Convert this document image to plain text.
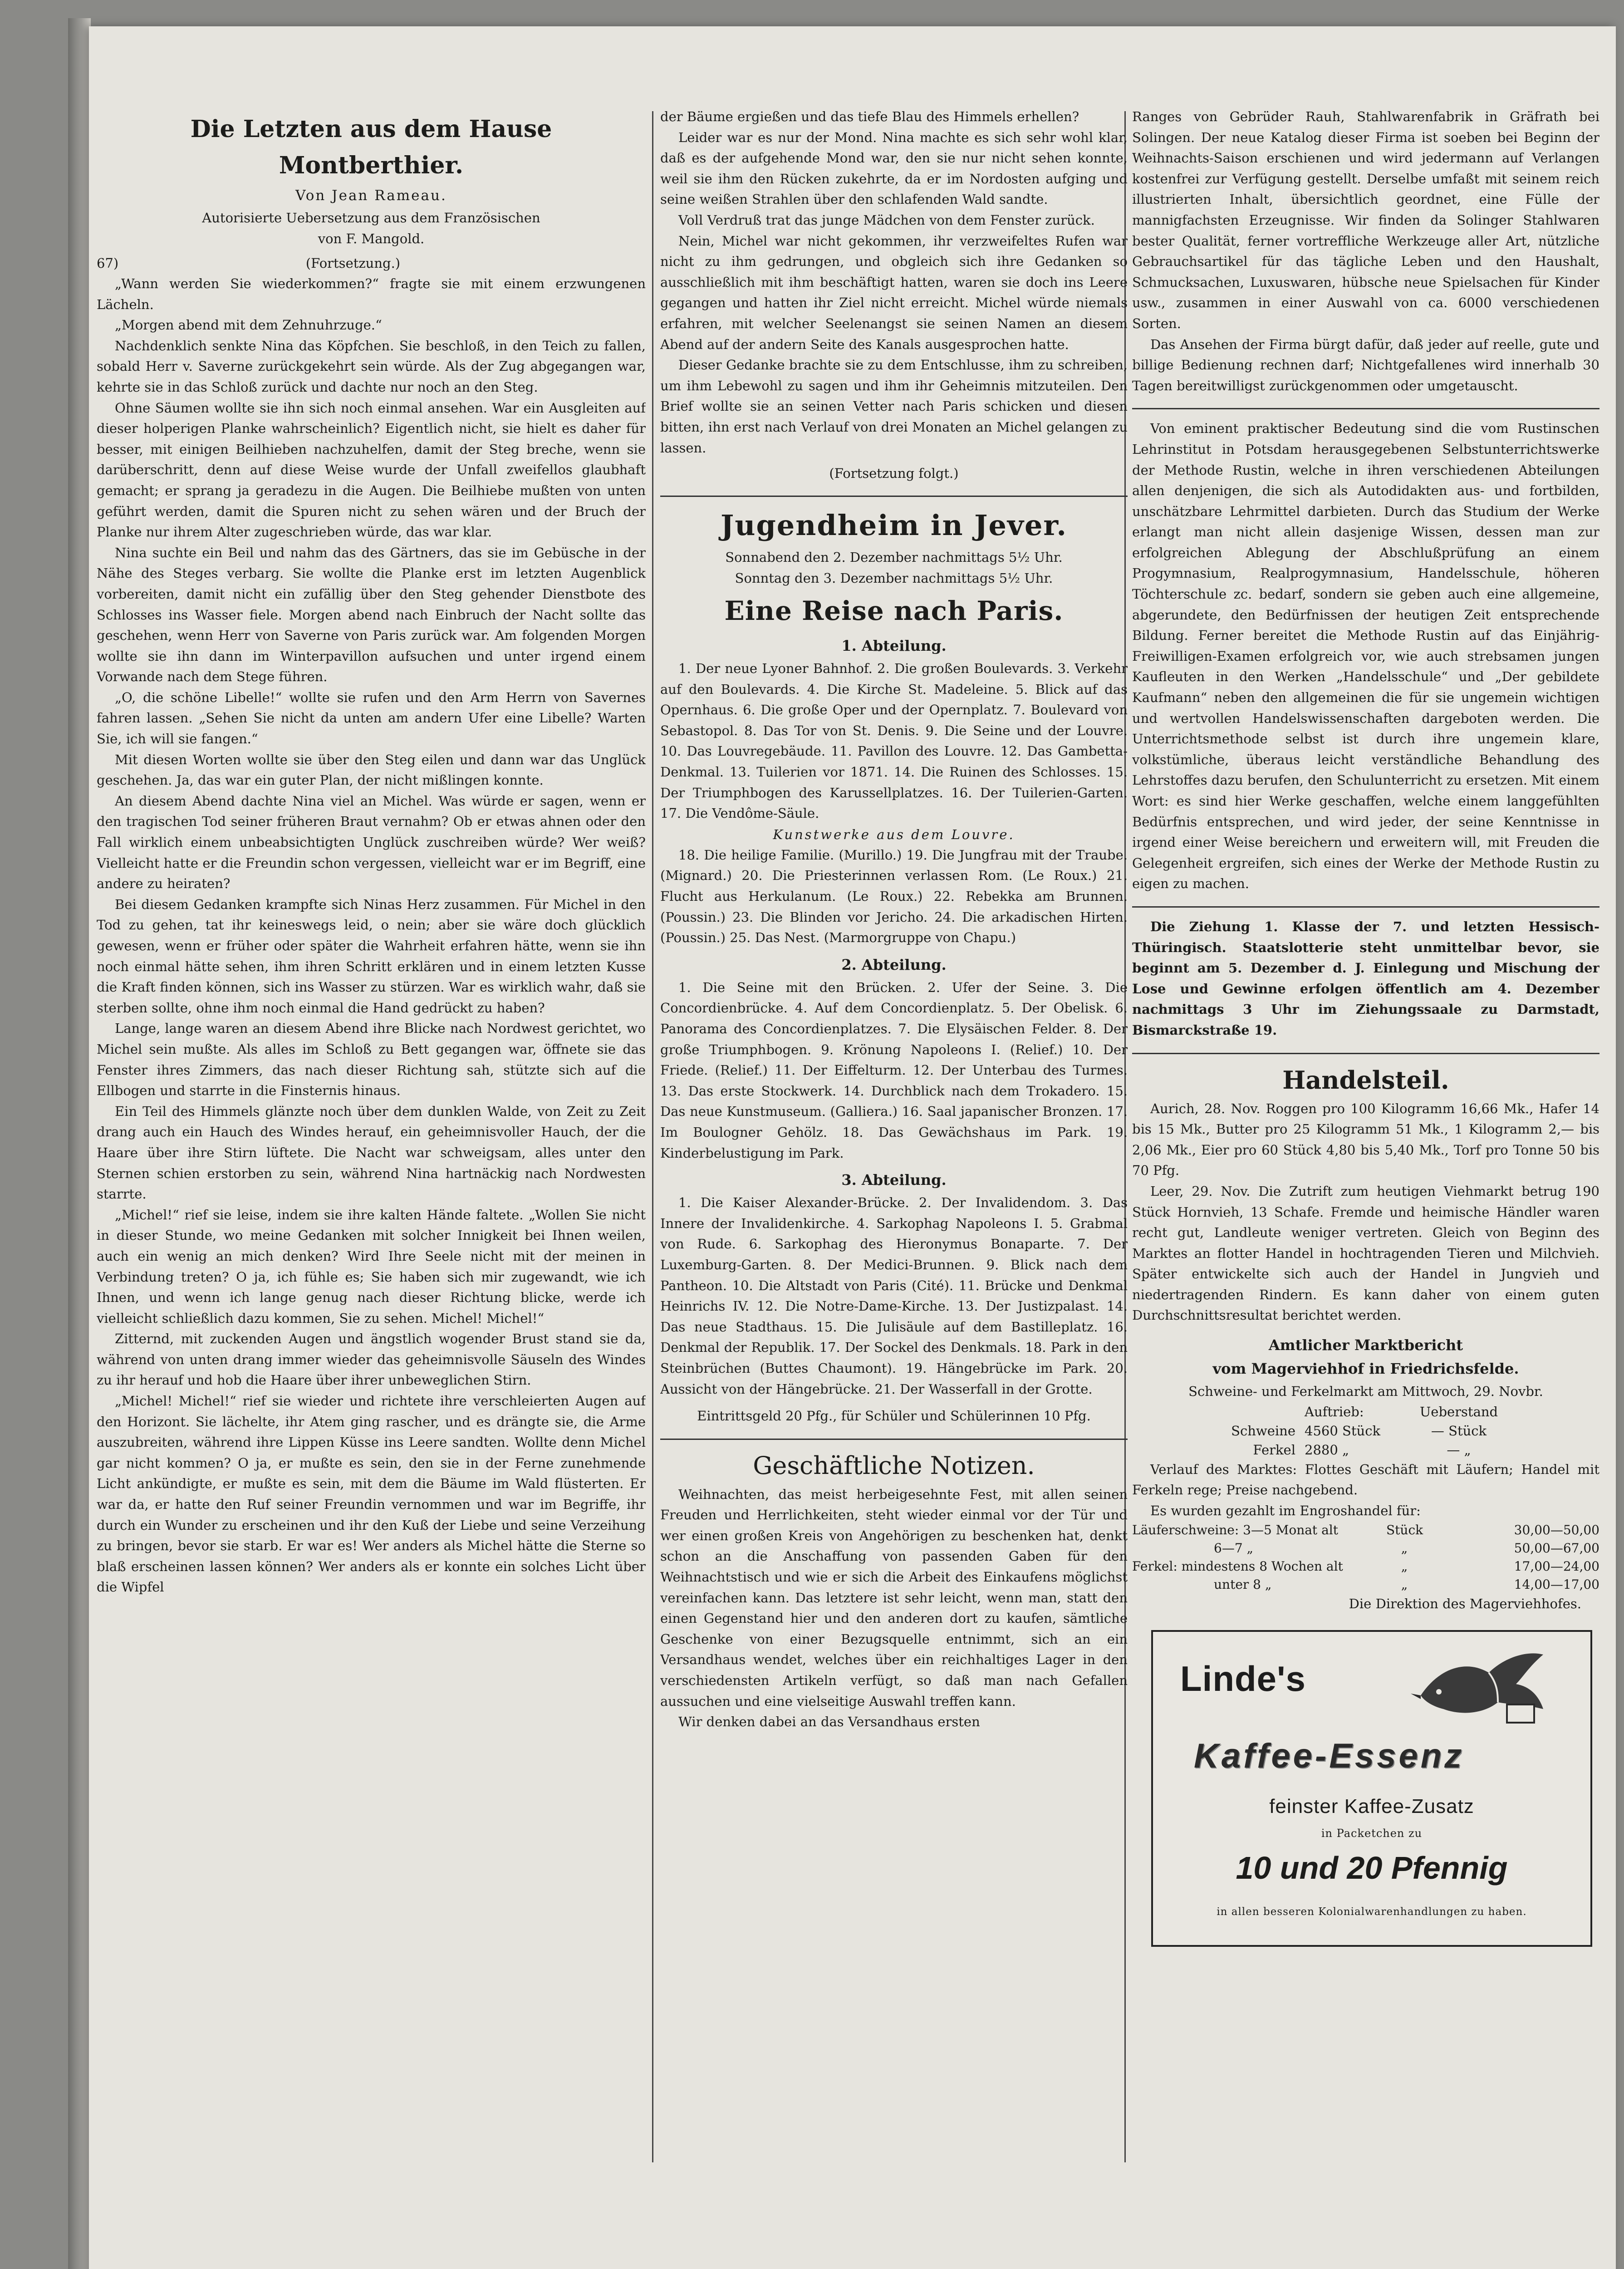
Die Letzten aus dem Hause Montberthier.
Von Jean Rameau.
Autorisierte Uebersetzung aus dem Französischen
von F. Mangold.
67)	(Fortsetzung.)

„Wann werden Sie wiederkommen?“ fragte sie mit einem erzwungenen Lächeln.

„Morgen abend mit dem Zehnuhrzuge.“

Nachdenklich senkte Nina das Köpfchen. Sie beschloß, in den Teich zu fallen, sobald Herr v. Saverne zurückgekehrt sein würde. Als der Zug abgegangen war, kehrte sie in das Schloß zurück und dachte nur noch an den Steg.

Ohne Säumen wollte sie ihn sich noch einmal ansehen. War ein Ausgleiten auf dieser holperigen Planke wahrscheinlich? Eigentlich nicht, sie hielt es daher für besser, mit einigen Beilhieben nachzuhelfen, damit der Steg breche, wenn sie darüberschritt, denn auf diese Weise wurde der Unfall zweifellos glaubhaft gemacht; er sprang ja geradezu in die Augen. Die Beilhiebe mußten von unten geführt werden, damit die Spuren nicht zu sehen wären und der Bruch der Planke nur ihrem Alter zugeschrieben würde, das war klar.

Nina suchte ein Beil und nahm das des Gärtners, das sie im Gebüsche in der Nähe des Steges verbarg. Sie wollte die Planke erst im letzten Augenblick vorbereiten, damit nicht ein zufällig über den Steg gehender Dienstbote des Schlosses ins Wasser fiele. Morgen abend nach Einbruch der Nacht sollte das geschehen, wenn Herr von Saverne von Paris zurück war. Am folgenden Morgen wollte sie ihn dann im Winterpavillon aufsuchen und unter irgend einem Vorwande nach dem Stege führen.

„O, die schöne Libelle!“ wollte sie rufen und den Arm Herrn von Savernes fahren lassen. „Sehen Sie nicht da unten am andern Ufer eine Libelle? Warten Sie, ich will sie fangen.“

Mit diesen Worten wollte sie über den Steg eilen und dann war das Unglück geschehen. Ja, das war ein guter Plan, der nicht mißlingen konnte.

An diesem Abend dachte Nina viel an Michel. Was würde er sagen, wenn er den tragischen Tod seiner früheren Braut vernahm? Ob er etwas ahnen oder den Fall wirklich einem unbeabsichtigten Unglück zuschreiben würde? Wer weiß? Vielleicht hatte er die Freundin schon vergessen, vielleicht war er im Begriff, eine andere zu heiraten?

Bei diesem Gedanken krampfte sich Ninas Herz zusammen. Für Michel in den Tod zu gehen, tat ihr keineswegs leid, o nein; aber sie wäre doch glücklich gewesen, wenn er früher oder später die Wahrheit erfahren hätte, wenn sie ihn noch einmal hätte sehen, ihm ihren Schritt erklären und in einem letzten Kusse die Kraft finden können, sich ins Wasser zu stürzen. War es wirklich wahr, daß sie sterben sollte, ohne ihm noch einmal die Hand gedrückt zu haben?

Lange, lange waren an diesem Abend ihre Blicke nach Nordwest gerichtet, wo Michel sein mußte. Als alles im Schloß zu Bett gegangen war, öffnete sie das Fenster ihres Zimmers, das nach dieser Richtung sah, stützte sich auf die Ellbogen und starrte in die Finsternis hinaus.

Ein Teil des Himmels glänzte noch über dem dunklen Walde, von Zeit zu Zeit drang auch ein Hauch des Windes herauf, ein geheimnisvoller Hauch, der die Haare über ihre Stirn lüftete. Die Nacht war schweigsam, alles unter den Sternen schien erstorben zu sein, während Nina hartnäckig nach Nordwesten starrte.

„Michel!“ rief sie leise, indem sie ihre kalten Hände faltete. „Wollen Sie nicht in dieser Stunde, wo meine Gedanken mit solcher Innigkeit bei Ihnen weilen, auch ein wenig an mich denken? Wird Ihre Seele nicht mit der meinen in Verbindung treten? O ja, ich fühle es; Sie haben sich mir zugewandt, wie ich Ihnen, und wenn ich lange genug nach dieser Richtung blicke, werde ich vielleicht schließlich dazu kommen, Sie zu sehen. Michel! Michel!“

Zitternd, mit zuckenden Augen und ängstlich wogender Brust stand sie da, während von unten drang immer wieder das geheimnisvolle Säuseln des Windes zu ihr herauf und hob die Haare über ihrer unbeweglichen Stirn.

„Michel! Michel!“ rief sie wieder und richtete ihre verschleierten Augen auf den Horizont. Sie lächelte, ihr Atem ging rascher, und es drängte sie, die Arme auszubreiten, während ihre Lippen Küsse ins Leere sandten. Wollte denn Michel gar nicht kommen? O ja, er mußte es sein, den sie in der Ferne zunehmende Licht ankündigte, er mußte es sein, mit dem die Bäume im Wald flüsterten. Er war da, er hatte den Ruf seiner Freundin vernommen und war im Begriffe, ihr durch ein Wunder zu erscheinen und ihr den Kuß der Liebe und seine Verzeihung zu bringen, bevor sie starb. Er war es! Wer anders als Michel hätte die Sterne so blaß erscheinen lassen können? Wer anders als er konnte ein solches Licht über die Wipfel

der Bäume ergießen und das tiefe Blau des Himmels erhellen?

Leider war es nur der Mond. Nina machte es sich sehr wohl klar, daß es der aufgehende Mond war, den sie nur nicht sehen konnte, weil sie ihm den Rücken zukehrte, da er im Nordosten aufging und seine weißen Strahlen über den schlafenden Wald sandte.

Voll Verdruß trat das junge Mädchen von dem Fenster zurück.

Nein, Michel war nicht gekommen, ihr verzweifeltes Rufen war nicht zu ihm gedrungen, und obgleich sich ihre Gedanken so ausschließlich mit ihm beschäftigt hatten, waren sie doch ins Leere gegangen und hatten ihr Ziel nicht erreicht. Michel würde niemals erfahren, mit welcher Seelenangst sie seinen Namen an diesem Abend auf der andern Seite des Kanals ausgesprochen hatte.

Dieser Gedanke brachte sie zu dem Entschlusse, ihm zu schreiben, um ihm Lebewohl zu sagen und ihm ihr Geheimnis mitzuteilen. Den Brief wollte sie an seinen Vetter nach Paris schicken und diesen bitten, ihn erst nach Verlauf von drei Monaten an Michel gelangen zu lassen.

(Fortsetzung folgt.)
Jugendheim in Jever.
Sonnabend den 2. Dezember nachmittags 5½ Uhr.
Sonntag den 3. Dezember nachmittags 5½ Uhr.
Eine Reise nach Paris.
1. Abteilung.

1. Der neue Lyoner Bahnhof. 2. Die großen Boulevards. 3. Verkehr auf den Boulevards. 4. Die Kirche St. Madeleine. 5. Blick auf das Opernhaus. 6. Die große Oper und der Opernplatz. 7. Boulevard von Sebastopol. 8. Das Tor von St. Denis. 9. Die Seine und der Louvre. 10. Das Louvregebäude. 11. Pavillon des Louvre. 12. Das Gambetta-Denkmal. 13. Tuilerien vor 1871. 14. Die Ruinen des Schlosses. 15. Der Triumphbogen des Karussellplatzes. 16. Der Tuilerien-Garten. 17. Die Vendôme-Säule.

Kunstwerke aus dem Louvre.

18. Die heilige Familie. (Murillo.) 19. Die Jungfrau mit der Traube. (Mignard.) 20. Die Priesterinnen verlassen Rom. (Le Roux.) 21. Flucht aus Herkulanum. (Le Roux.) 22. Rebekka am Brunnen. (Poussin.) 23. Die Blinden vor Jericho. 24. Die arkadischen Hirten. (Poussin.) 25. Das Nest. (Marmorgruppe von Chapu.)

2. Abteilung.

1. Die Seine mit den Brücken. 2. Ufer der Seine. 3. Die Concordienbrücke. 4. Auf dem Concordienplatz. 5. Der Obelisk. 6. Panorama des Concordienplatzes. 7. Die Elysäischen Felder. 8. Der große Triumphbogen. 9. Krönung Napoleons I. (Relief.) 10. Der Friede. (Relief.) 11. Der Eiffelturm. 12. Der Unterbau des Turmes. 13. Das erste Stockwerk. 14. Durchblick nach dem Trokadero. 15. Das neue Kunstmuseum. (Galliera.) 16. Saal japanischer Bronzen. 17. Im Boulogner Gehölz. 18. Das Gewächshaus im Park. 19. Kinderbelustigung im Park.

3. Abteilung.

1. Die Kaiser Alexander-Brücke. 2. Der Invalidendom. 3. Das Innere der Invalidenkirche. 4. Sarkophag Napoleons I. 5. Grabmal von Rude. 6. Sarkophag des Hieronymus Bonaparte. 7. Der Luxemburg-Garten. 8. Der Medici-Brunnen. 9. Blick nach dem Pantheon. 10. Die Altstadt von Paris (Cité). 11. Brücke und Denkmal Heinrichs IV. 12. Die Notre-Dame-Kirche. 13. Der Justizpalast. 14. Das neue Stadthaus. 15. Die Julisäule auf dem Bastilleplatz. 16. Denkmal der Republik. 17. Der Sockel des Denkmals. 18. Park in den Steinbrüchen (Buttes Chaumont). 19. Hängebrücke im Park. 20. Aussicht von der Hängebrücke. 21. Der Wasserfall in der Grotte.

Eintrittsgeld 20 Pfg., für Schüler und Schülerinnen 10 Pfg.

Geschäftliche Notizen.

Weihnachten, das meist herbeigesehnte Fest, mit allen seinen Freuden und Herrlichkeiten, steht wieder einmal vor der Tür und wer einen großen Kreis von Angehörigen zu beschenken hat, denkt schon an die Anschaffung von passenden Gaben für den Weihnachtstisch und wie er sich die Arbeit des Einkaufens möglichst vereinfachen kann. Das letztere ist sehr leicht, wenn man, statt den einen Gegenstand hier und den anderen dort zu kaufen, sämtliche Geschenke von einer Bezugsquelle entnimmt, sich an ein Versandhaus wendet, welches über ein reichhaltiges Lager in den verschiedensten Artikeln verfügt, so daß man nach Gefallen aussuchen und eine vielseitige Auswahl treffen kann.

Wir denken dabei an das Versandhaus ersten

Ranges von Gebrüder Rauh, Stahlwarenfabrik in Gräfrath bei Solingen. Der neue Katalog dieser Firma ist soeben bei Beginn der Weihnachts-Saison erschienen und wird jedermann auf Verlangen kostenfrei zur Verfügung gestellt. Derselbe umfaßt mit seinem reich illustrierten Inhalt, übersichtlich geordnet, eine Fülle der mannigfachsten Erzeugnisse. Wir finden da Solinger Stahlwaren bester Qualität, ferner vortreffliche Werkzeuge aller Art, nützliche Gebrauchsartikel für das tägliche Leben und den Haushalt, Schmucksachen, Luxuswaren, hübsche neue Spielsachen für Kinder usw., zusammen in einer Auswahl von ca. 6000 verschiedenen Sorten.

Das Ansehen der Firma bürgt dafür, daß jeder auf reelle, gute und billige Bedienung rechnen darf; Nichtgefallenes wird innerhalb 30 Tagen bereitwilligst zurückgenommen oder umgetauscht.

Von eminent praktischer Bedeutung sind die vom Rustinschen Lehrinstitut in Potsdam herausgegebenen Selbstunterrichtswerke der Methode Rustin, welche in ihren verschiedenen Abteilungen allen denjenigen, die sich als Autodidakten aus- und fortbilden, unschätzbare Lehrmittel darbieten. Durch das Studium der Werke erlangt man nicht allein dasjenige Wissen, dessen man zur erfolgreichen Ablegung der Abschlußprüfung an einem Progymnasium, Realprogymnasium, Handelsschule, höheren Töchterschule zc. bedarf, sondern sie geben auch eine allgemeine, abgerundete, den Bedürfnissen der heutigen Zeit entsprechende Bildung. Ferner bereitet die Methode Rustin auf das Einjährig-Freiwilligen-Examen erfolgreich vor, wie auch strebsamen jungen Kaufleuten in den Werken „Handelsschule“ und „Der gebildete Kaufmann“ neben den allgemeinen die für sie ungemein wichtigen und wertvollen Handelswissenschaften dargeboten werden. Die Unterrichtsmethode selbst ist durch ihre ungemein klare, volkstümliche, überaus leicht verständliche Behandlung des Lehrstoffes dazu berufen, den Schulunterricht zu ersetzen. Mit einem Wort: es sind hier Werke geschaffen, welche einem langgefühlten Bedürfnis entsprechen, und wird jeder, der seine Kenntnisse in irgend einer Weise bereichern und erweitern will, mit Freuden die Gelegenheit ergreifen, sich eines der Werke der Methode Rustin zu eigen zu machen.

Die Ziehung 1. Klasse der 7. und letzten Hessisch-Thüringisch. Staatslotterie steht unmittelbar bevor, sie beginnt am 5. Dezember d. J. Einlegung und Mischung der Lose und Gewinne erfolgen öffentlich am 4. Dezember nachmittags 3 Uhr im Ziehungssaale zu Darmstadt, Bismarckstraße 19.

Handelsteil.

Aurich, 28. Nov. Roggen pro 100 Kilogramm 16,66 Mk., Hafer 14 bis 15 Mk., Butter pro 25 Kilogramm 51 Mk., 1 Kilogramm 2,— bis 2,06 Mk., Eier pro 60 Stück 4,80 bis 5,40 Mk., Torf pro Tonne 50 bis 70 Pfg.

Leer, 29. Nov. Die Zutrift zum heutigen Viehmarkt betrug 190 Stück Hornvieh, 13 Schafe. Fremde und heimische Händler waren recht gut, Landleute weniger vertreten. Gleich von Beginn des Marktes an flotter Handel in hochtragenden Tieren und Milchvieh. Später entwickelte sich auch der Handel in Jungvieh und niedertragenden Rindern. Es kann daher von einem guten Durchschnittsresultat berichtet werden.

Amtlicher Marktbericht
vom Magerviehhof in Friedrichsfelde.

Schweine- und Ferkelmarkt am Mittwoch, 29. Novbr.

Auftrieb:	Ueberstand
Schweine 4560 Stück	— Stück
Ferkel 2880 „	— „

Verlauf des Marktes: Flottes Geschäft mit Läufern; Handel mit Ferkeln rege; Preise nachgebend.

Es wurden gezahlt im Engroshandel für:

Läuferschweine: 3—5 Monat alt	Stück	30,00—50,00
6—7 „	„	50,00—67,00
Ferkel: mindestens 8 Wochen alt	„	17,00—24,00
unter 8 „	„	14,00—17,00

Die Direktion des Magerviehhofes.

Linde's
Kaffee-Essenz
feinster Kaffee-Zusatz
in Packetchen zu
10 und 20 Pfennig
in allen besseren Kolonialwarenhandlungen zu haben.
